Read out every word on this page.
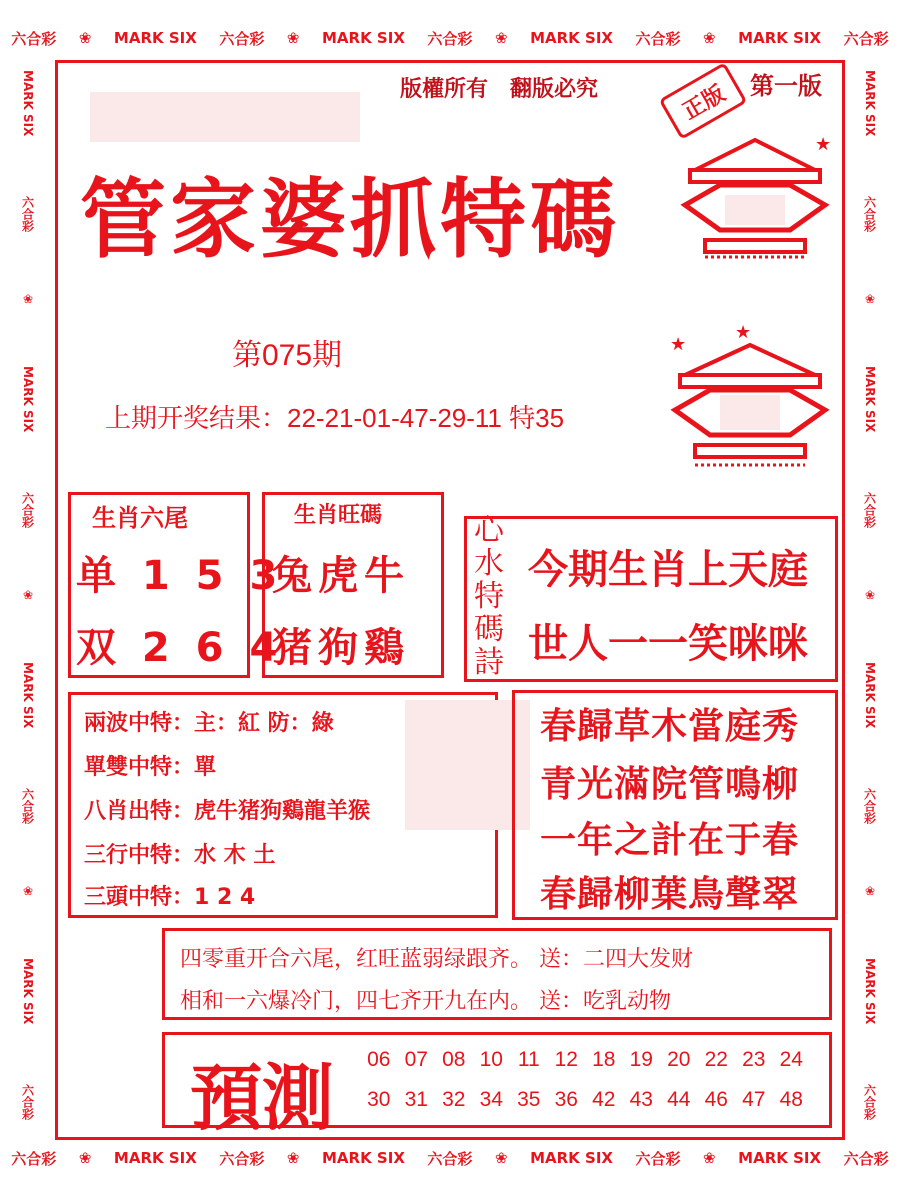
六合彩 ❀ MARK SIX 六合彩 ❀ MARK SIX 六合彩 ❀ MARK SIX 六合彩 ❀ MARK SIX 六合彩
六合彩 ❀ MARK SIX 六合彩 ❀ MARK SIX 六合彩 ❀ MARK SIX 六合彩 ❀ MARK SIX 六合彩
MARK SIX
六合彩
❀
MARK SIX
六合彩
❀
MARK SIX
六合彩
❀
MARK SIX
六合彩
MARK SIX
六合彩
❀
MARK SIX
六合彩
❀
MARK SIX
六合彩
❀
MARK SIX
六合彩
版權所有　翻版必究	正版 第一版
★
★
★
管家婆抓特碼
第075期
上期开奖结果：22-21-01-47-29-11 特35
生肖六尾
单 1 5 3
双 2 6 4
生肖旺碼
兔虎牛
猪狗鷄
心
水
特
碼
詩
今期生肖上天庭
世人一一笑咪咪
兩波中特：主：紅 防：綠
單雙中特：單
八肖出特：虎牛猪狗鷄龍羊猴
三行中特：水 木 土
三頭中特：1 2 4
春歸草木當庭秀
青光滿院管鳴柳
一年之計在于春
春歸柳葉鳥聲翠
四零重开合六尾，红旺蓝弱绿跟齐。 送：二四大发财
相和一六爆冷门，四七齐开九在内。 送：吃乳动物
預測	06 07 08 10 11 12 18 19 20 22 23 24
30 31 32 34 35 36 42 43 44 46 47 48
